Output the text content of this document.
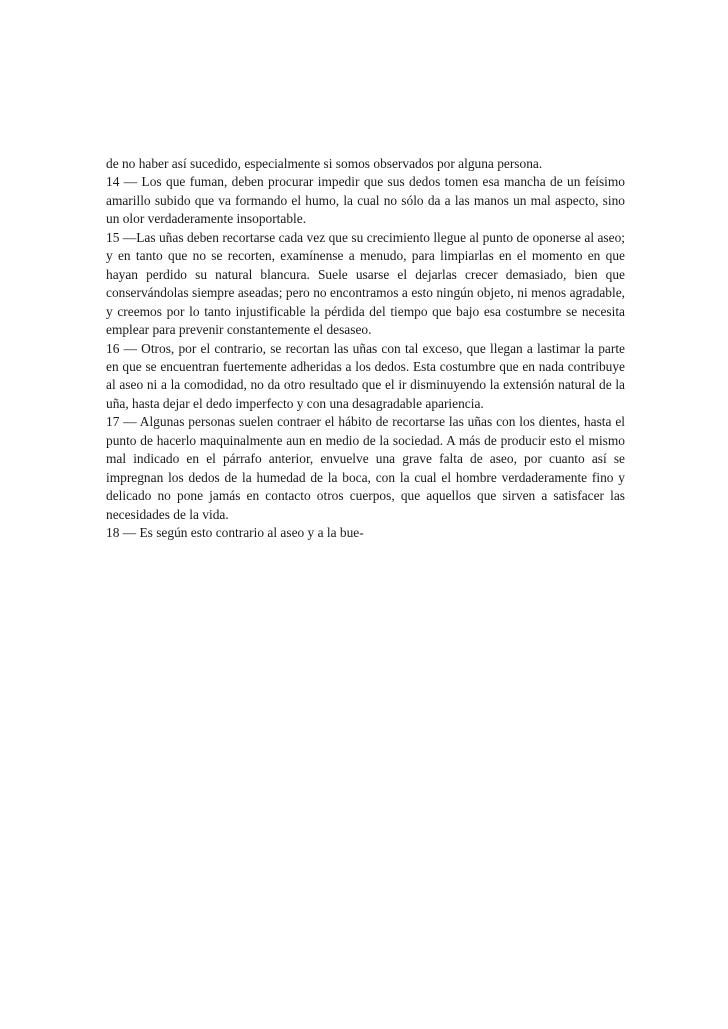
de no haber así sucedido, especialmente si somos observados por alguna persona.

14 — Los que fuman, deben procurar impedir que sus dedos tomen esa mancha de un feísimo amarillo subido que va formando el humo, la cual no sólo da a las manos un mal aspecto, sino un olor verdaderamente insoportable.

15 —Las uñas deben recortarse cada vez que su crecimiento llegue al punto de oponerse al aseo; y en tanto que no se recorten, examínense a menudo, para limpiarlas en el momento en que hayan perdido su natural blancura. Suele usarse el dejarlas crecer demasiado, bien que conservándolas siempre aseadas; pero no encontramos a esto ningún objeto, ni menos agradable, y creemos por lo tanto injustificable la pérdida del tiempo que bajo esa costumbre se necesita emplear para prevenir constantemente el desaseo.

16 — Otros, por el contrario, se recortan las uñas con tal exceso, que llegan a lastimar la parte en que se encuentran fuertemente adheridas a los dedos. Esta costumbre que en nada contribuye al aseo ni a la comodidad, no da otro resultado que el ir disminuyendo la extensión natural de la uña, hasta dejar el dedo imperfecto y con una desagradable apariencia.

17 — Algunas personas suelen contraer el hábito de recortarse las uñas con los dientes, hasta el punto de hacerlo maquinalmente aun en medio de la sociedad. A más de producir esto el mismo mal indicado en el párrafo anterior, envuelve una grave falta de aseo, por cuanto así se impregnan los dedos de la humedad de la boca, con la cual el hombre verdaderamente fino y delicado no pone jamás en contacto otros cuerpos, que aquellos que sirven a satisfacer las necesidades de la vida.

18 — Es según esto contrario al aseo y a la bue-
